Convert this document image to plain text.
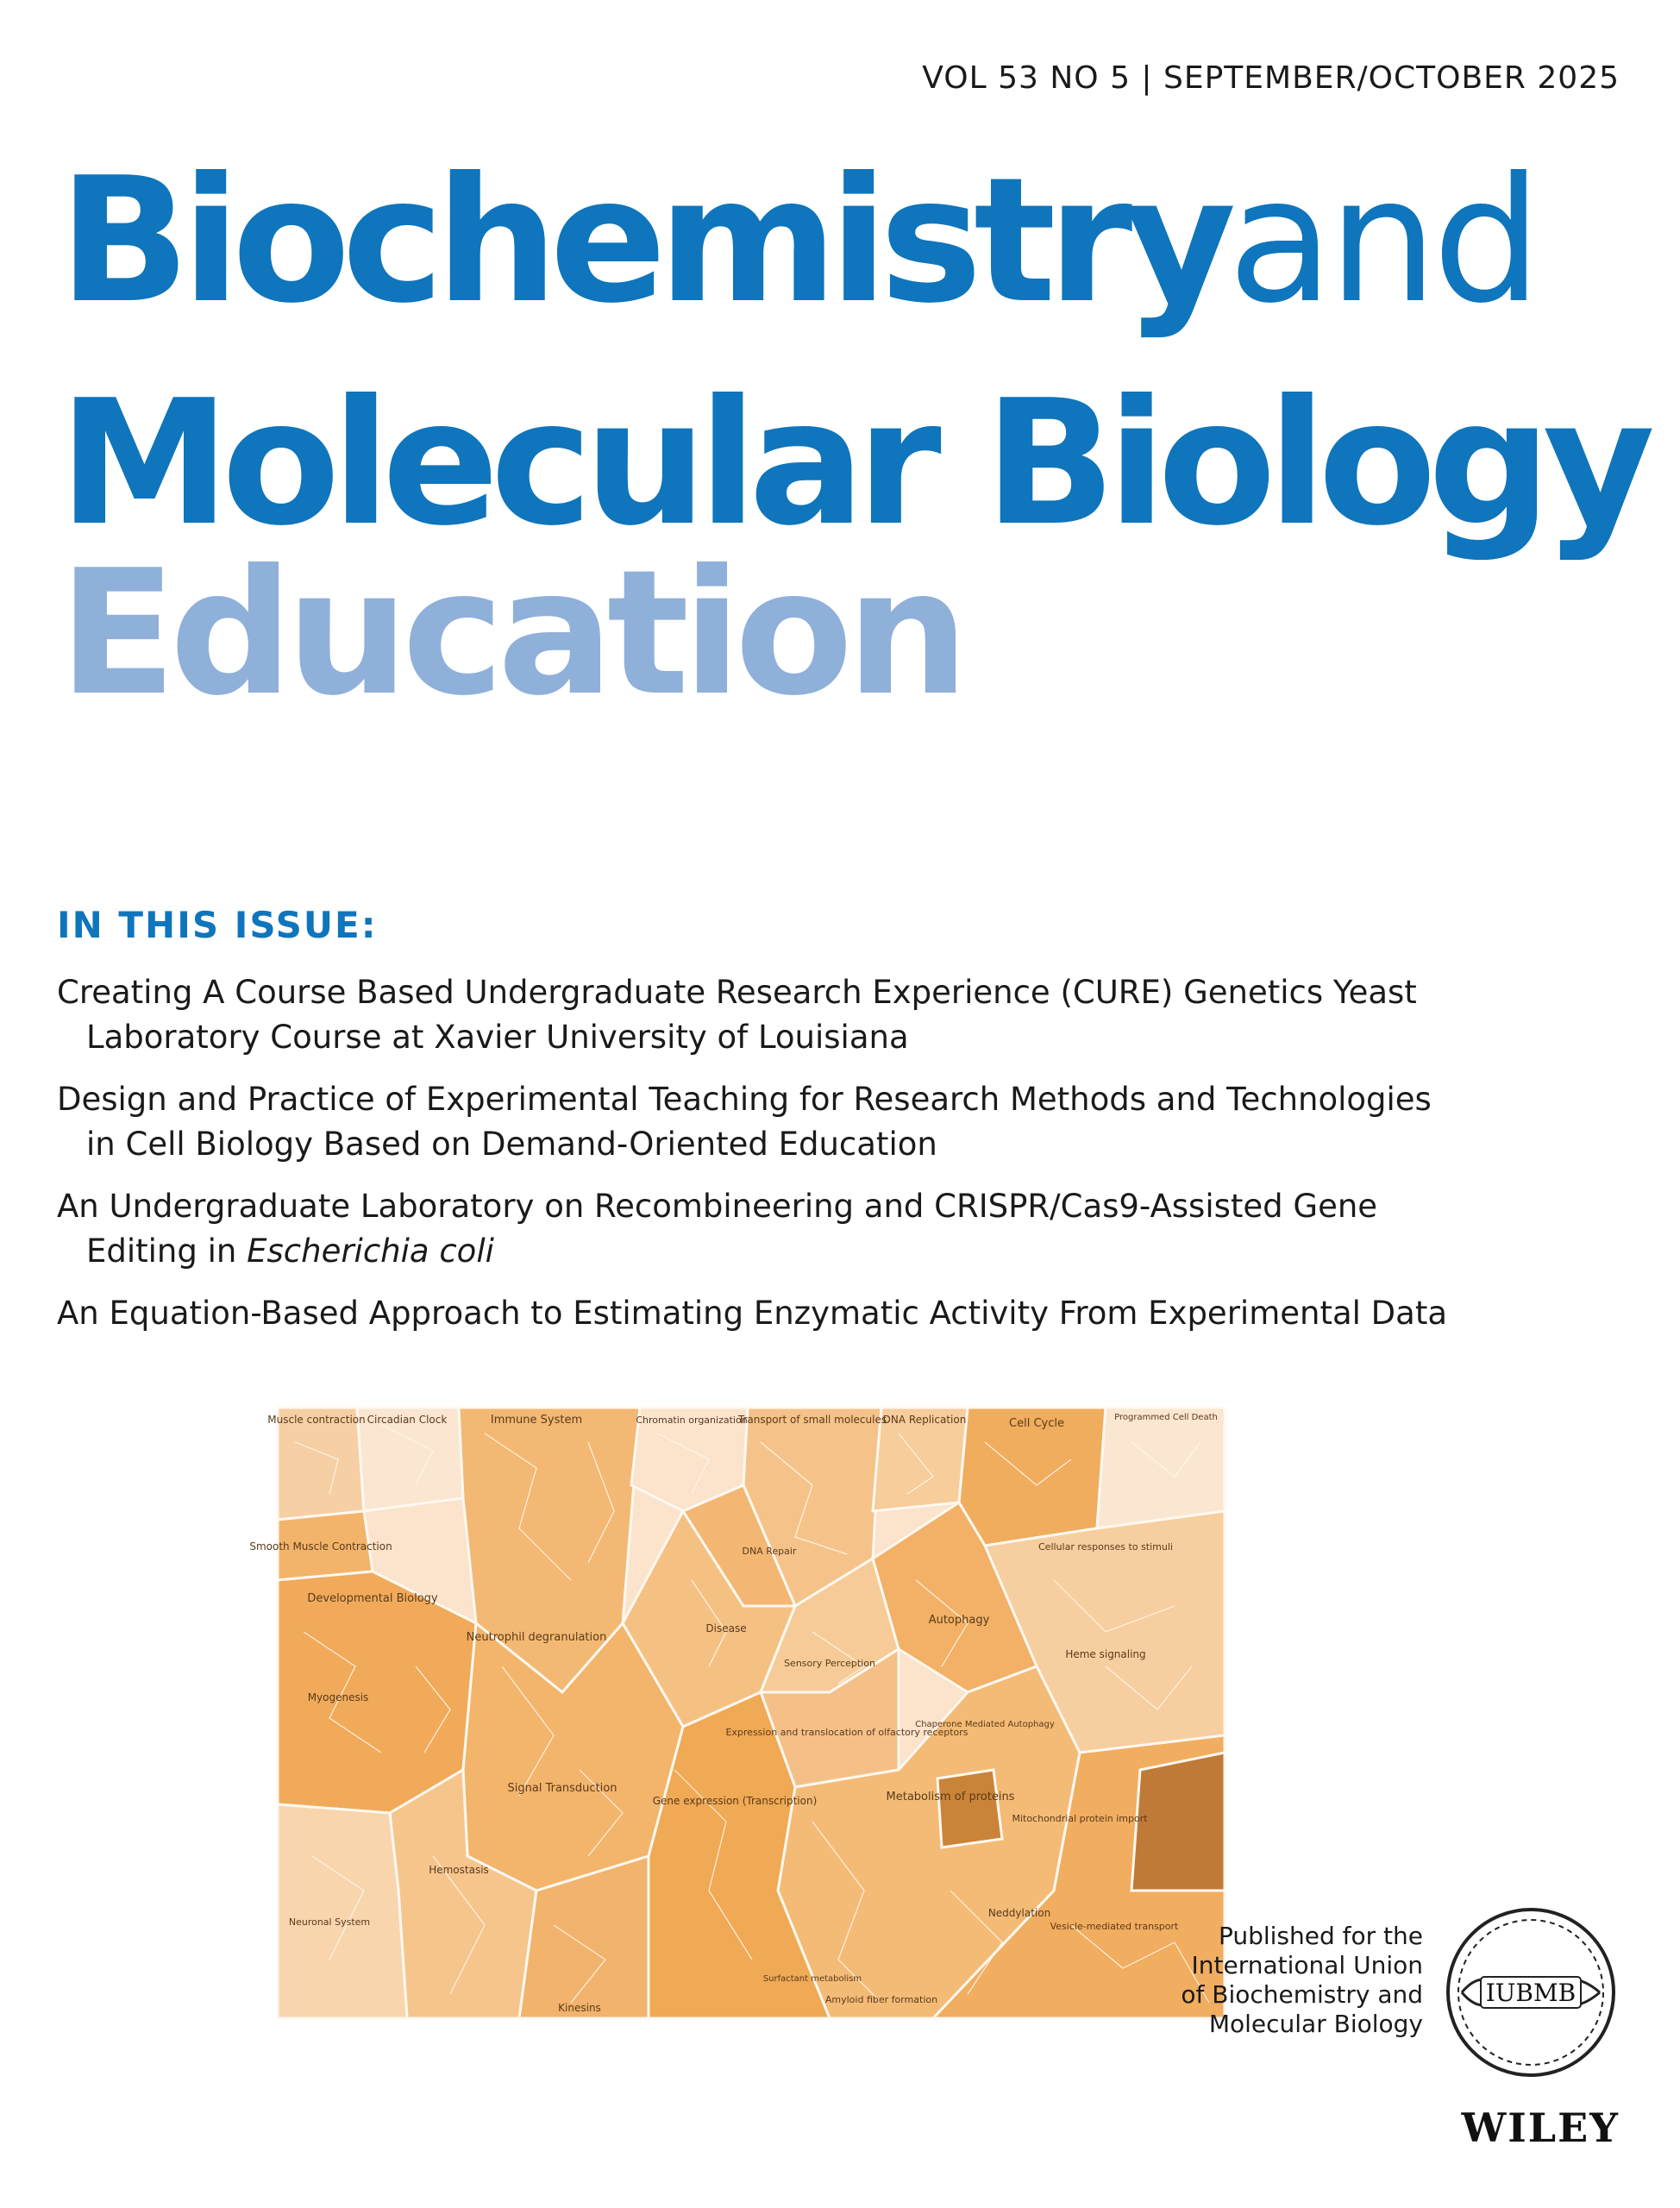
VOL 53 NO 5 | SEPTEMBER/OCTOBER 2025
Biochemistryand
Molecular Biology
Education
IN THIS ISSUE:
Creating A Course Based Undergraduate Research Experience (CURE) Genetics Yeast
Laboratory Course at Xavier University of Louisiana
Design and Practice of Experimental Teaching for Research Methods and Technologies
in Cell Biology Based on Demand-Oriented Education
An Undergraduate Laboratory on Recombineering and CRISPR/Cas9-Assisted Gene
Editing in Escherichia coli
An Equation-Based Approach to Estimating Enzymatic Activity From Experimental Data
Muscle contraction Circadian Clock	Immune System	Chromatin organization
Transport of small molecules
DNA Replication	Cell Cycle	Programmed Cell Death
Smooth Muscle Contraction
Developmental Biology
Neutrophil degranulation
Disease
DNA Repair
Sensory Perception
Cellular responses to stimuli
Autophagy
Myogenesis
Signal Transduction
Expression and translocation of olfactory receptors
Metabolism of proteins
Gene expression (Transcription)
Hemostasis
Neuronal System
Kinesins
Amyloid fiber formation
Surfactant metabolism
Neddylation
Vesicle-mediated transport
Heme signaling
Mitochondrial protein import
Chaperone Mediated Autophagy
Published for the
International Union
of Biochemistry and
Molecular Biology
IUBMB
WILEY
